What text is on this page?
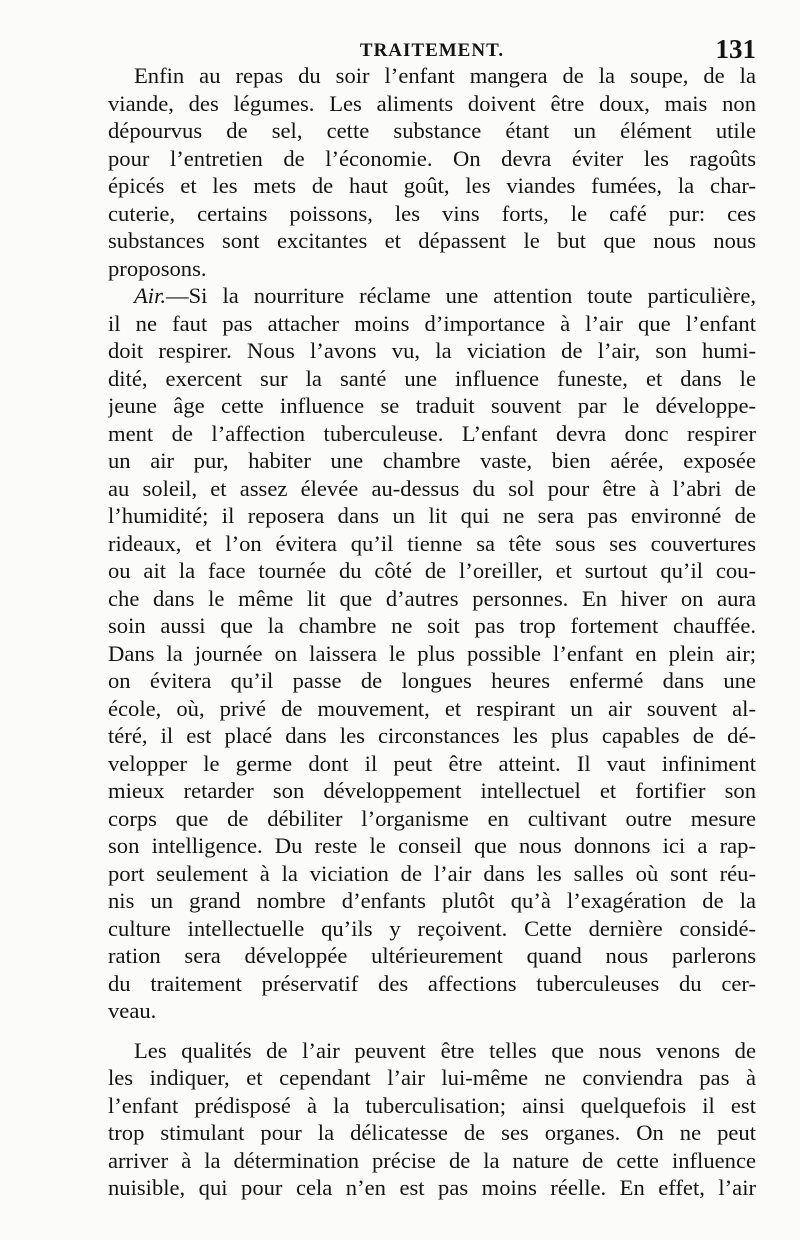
TRAITEMENT.	131
Enfin au repas du soir l’enfant mangera de la soupe, de la
viande, des légumes. Les aliments doivent être doux, mais non
dépourvus de sel, cette substance étant un élément utile
pour l’entretien de l’économie. On devra éviter les ragoûts
épicés et les mets de haut goût, les viandes fumées, la char-
cuterie, certains poissons, les vins forts, le café pur: ces
substances sont excitantes et dépassent le but que nous nous
proposons.
Air.—Si la nourriture réclame une attention toute particulière,
il ne faut pas attacher moins d’importance à l’air que l’enfant
doit respirer. Nous l’avons vu, la viciation de l’air, son humi-
dité, exercent sur la santé une influence funeste, et dans le
jeune âge cette influence se traduit souvent par le développe-
ment de l’affection tuberculeuse. L’enfant devra donc respirer
un air pur, habiter une chambre vaste, bien aérée, exposée
au soleil, et assez élevée au-dessus du sol pour être à l’abri de
l’humidité; il reposera dans un lit qui ne sera pas environné de
rideaux, et l’on évitera qu’il tienne sa tête sous ses couvertures
ou ait la face tournée du côté de l’oreiller, et surtout qu’il cou-
che dans le même lit que d’autres personnes. En hiver on aura
soin aussi que la chambre ne soit pas trop fortement chauffée.
Dans la journée on laissera le plus possible l’enfant en plein air;
on évitera qu’il passe de longues heures enfermé dans une
école, où, privé de mouvement, et respirant un air souvent al-
téré, il est placé dans les circonstances les plus capables de dé-
velopper le germe dont il peut être atteint. Il vaut infiniment
mieux retarder son développement intellectuel et fortifier son
corps que de débiliter l’organisme en cultivant outre mesure
son intelligence. Du reste le conseil que nous donnons ici a rap-
port seulement à la viciation de l’air dans les salles où sont réu-
nis un grand nombre d’enfants plutôt qu’à l’exagération de la
culture intellectuelle qu’ils y reçoivent. Cette dernière considé-
ration sera développée ultérieurement quand nous parlerons
du traitement préservatif des affections tuberculeuses du cer-
veau.
Les qualités de l’air peuvent être telles que nous venons de
les indiquer, et cependant l’air lui-même ne conviendra pas à
l’enfant prédisposé à la tuberculisation; ainsi quelquefois il est
trop stimulant pour la délicatesse de ses organes. On ne peut
arriver à la détermination précise de la nature de cette influence
nuisible, qui pour cela n’en est pas moins réelle. En effet, l’air
